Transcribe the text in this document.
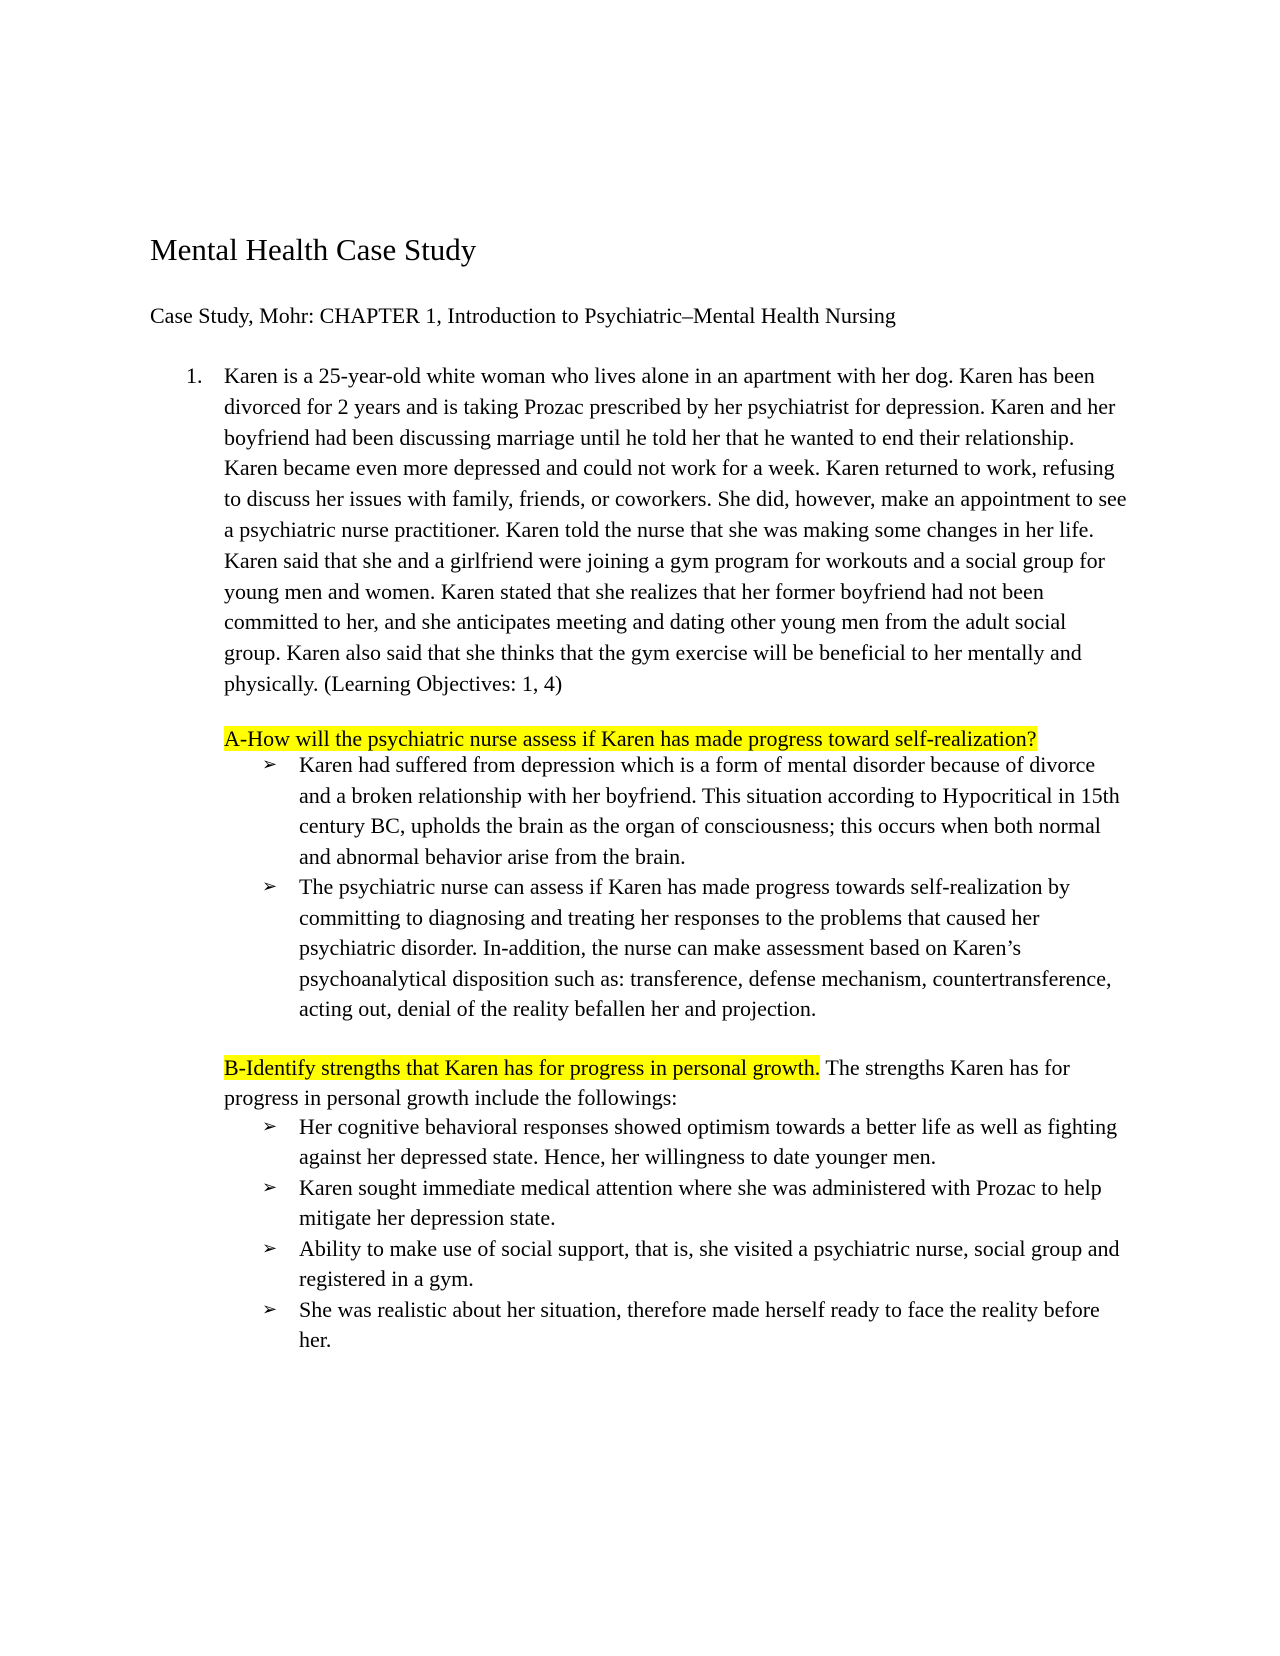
Mental Health Case Study
Case Study, Mohr: CHAPTER 1, Introduction to Psychiatric–Mental Health Nursing
1. Karen is a 25-year-old white woman who lives alone in an apartment with her dog. Karen has been divorced for 2 years and is taking Prozac prescribed by her psychiatrist for depression. Karen and her boyfriend had been discussing marriage until he told her that he wanted to end their relationship. Karen became even more depressed and could not work for a week. Karen returned to work, refusing to discuss her issues with family, friends, or coworkers. She did, however, make an appointment to see a psychiatric nurse practitioner. Karen told the nurse that she was making some changes in her life. Karen said that she and a girlfriend were joining a gym program for workouts and a social group for young men and women. Karen stated that she realizes that her former boyfriend had not been committed to her, and she anticipates meeting and dating other young men from the adult social group. Karen also said that she thinks that the gym exercise will be beneficial to her mentally and physically. (Learning Objectives: 1, 4)

A-How will the psychiatric nurse assess if Karen has made progress toward self-realization?

➢ Karen had suffered from depression which is a form of mental disorder because of divorce and a broken relationship with her boyfriend. This situation according to Hypocritical in 15th century BC, upholds the brain as the organ of consciousness; this occurs when both normal and abnormal behavior arise from the brain.
➢ The psychiatric nurse can assess if Karen has made progress towards self-realization by committing to diagnosing and treating her responses to the problems that caused her psychiatric disorder. In-addition, the nurse can make assessment based on Karen’s psychoanalytical disposition such as: transference, defense mechanism, countertransference, acting out, denial of the reality befallen her and projection.

B-Identify strengths that Karen has for progress in personal growth. The strengths Karen has for progress in personal growth include the followings:

➢ Her cognitive behavioral responses showed optimism towards a better life as well as fighting against her depressed state. Hence, her willingness to date younger men.
➢ Karen sought immediate medical attention where she was administered with Prozac to help mitigate her depression state.
➢ Ability to make use of social support, that is, she visited a psychiatric nurse, social group and registered in a gym.
➢ She was realistic about her situation, therefore made herself ready to face the reality before her.
